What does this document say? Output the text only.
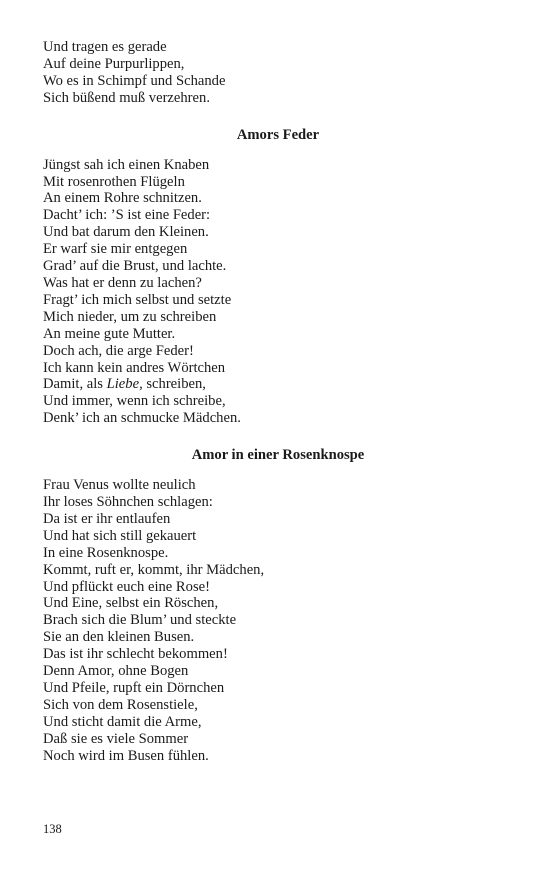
Und tragen es gerade
Auf deine Purpurlippen,
Wo es in Schimpf und Schande
Sich büßend muß verzehren.
Amors Feder
Jüngst sah ich einen Knaben
Mit rosenrothen Flügeln
An einem Rohre schnitzen.
Dacht’ ich: ’S ist eine Feder:
Und bat darum den Kleinen.
Er warf sie mir entgegen
Grad’ auf die Brust, und lachte.
Was hat er denn zu lachen?
Fragt’ ich mich selbst und setzte
Mich nieder, um zu schreiben
An meine gute Mutter.
Doch ach, die arge Feder!
Ich kann kein andres Wörtchen
Damit, als Liebe, schreiben,
Und immer, wenn ich schreibe,
Denk’ ich an schmucke Mädchen.
Amor in einer Rosenknospe
Frau Venus wollte neulich
Ihr loses Söhnchen schlagen:
Da ist er ihr entlaufen
Und hat sich still gekauert
In eine Rosenknospe.
Kommt, ruft er, kommt, ihr Mädchen,
Und pflückt euch eine Rose!
Und Eine, selbst ein Röschen,
Brach sich die Blum’ und steckte
Sie an den kleinen Busen.
Das ist ihr schlecht bekommen!
Denn Amor, ohne Bogen
Und Pfeile, rupft ein Dörnchen
Sich von dem Rosenstiele,
Und sticht damit die Arme,
Daß sie es viele Sommer
Noch wird im Busen fühlen.
138
